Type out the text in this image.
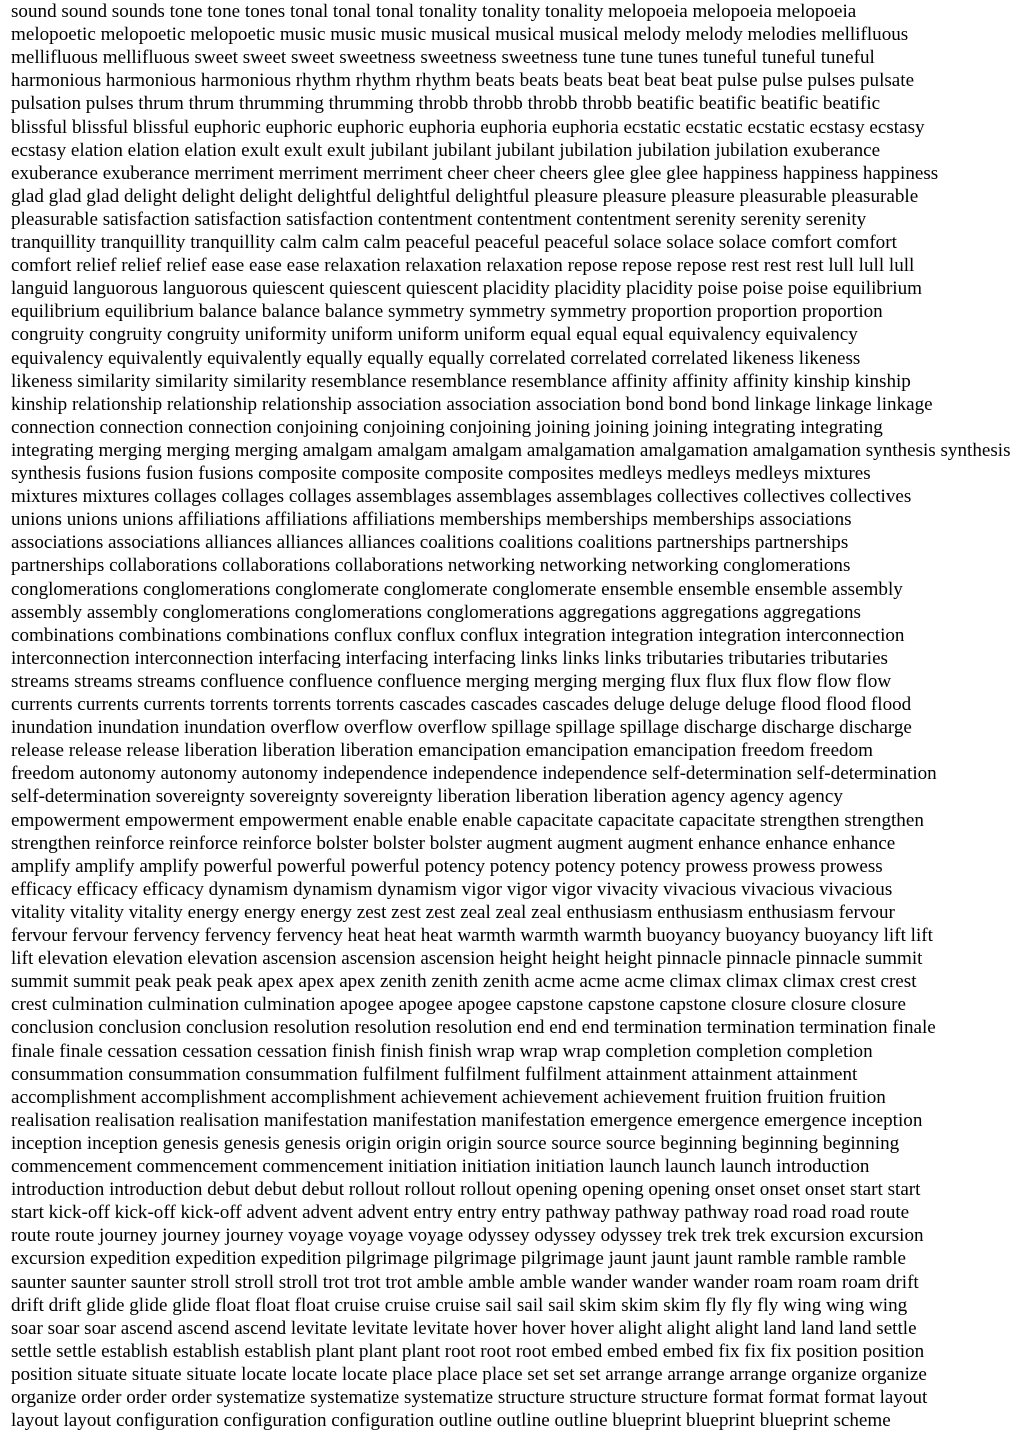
sound sound sounds tone tone tones tonal tonal tonal tonality tonality tonality melopoeia melopoeia melopoeia
melopoetic melopoetic melopoetic music music music musical musical musical melody melody melodies mellifluous
mellifluous mellifluous sweet sweet sweet sweetness sweetness sweetness tune tune tunes tuneful tuneful tuneful
harmonious harmonious harmonious rhythm rhythm rhythm beats beats beats beat beat beat pulse pulse pulses pulsate
pulsation pulses thrum thrum thrumming thrumming throbb throbb throbb throbb beatific beatific beatific beatific
blissful blissful blissful euphoric euphoric euphoric euphoria euphoria euphoria ecstatic ecstatic ecstatic ecstasy ecstasy
ecstasy elation elation elation exult exult exult jubilant jubilant jubilant jubilation jubilation jubilation exuberance
exuberance exuberance merriment merriment merriment cheer cheer cheers glee glee glee happiness happiness happiness
glad glad glad delight delight delight delightful delightful delightful pleasure pleasure pleasure pleasurable pleasurable
pleasurable satisfaction satisfaction satisfaction contentment contentment contentment serenity serenity serenity
tranquillity tranquillity tranquillity calm calm calm peaceful peaceful peaceful solace solace solace comfort comfort
comfort relief relief relief ease ease ease relaxation relaxation relaxation repose repose repose rest rest rest lull lull lull
languid languorous languorous quiescent quiescent quiescent placidity placidity placidity poise poise poise equilibrium
equilibrium equilibrium balance balance balance symmetry symmetry symmetry proportion proportion proportion
congruity congruity congruity uniformity uniform uniform uniform equal equal equal equivalency equivalency
equivalency equivalently equivalently equally equally equally correlated correlated correlated likeness likeness
likeness similarity similarity similarity resemblance resemblance resemblance affinity affinity affinity kinship kinship
kinship relationship relationship relationship association association association bond bond bond linkage linkage linkage
connection connection connection conjoining conjoining conjoining joining joining joining integrating integrating
integrating merging merging merging amalgam amalgam amalgam amalgamation amalgamation amalgamation synthesis synthesis
synthesis fusions fusion fusions composite composite composite composites medleys medleys medleys mixtures
mixtures mixtures collages collages collages assemblages assemblages assemblages collectives collectives collectives
unions unions unions affiliations affiliations affiliations memberships memberships memberships associations
associations associations alliances alliances alliances coalitions coalitions coalitions partnerships partnerships
partnerships collaborations collaborations collaborations networking networking networking conglomerations
conglomerations conglomerations conglomerate conglomerate conglomerate ensemble ensemble ensemble assembly
assembly assembly conglomerations conglomerations conglomerations aggregations aggregations aggregations
combinations combinations combinations conflux conflux conflux integration integration integration interconnection
interconnection interconnection interfacing interfacing interfacing links links links tributaries tributaries tributaries
streams streams streams confluence confluence confluence merging merging merging flux flux flux flow flow flow
currents currents currents torrents torrents torrents cascades cascades cascades deluge deluge deluge flood flood flood
inundation inundation inundation overflow overflow overflow spillage spillage spillage discharge discharge discharge
release release release liberation liberation liberation emancipation emancipation emancipation freedom freedom
freedom autonomy autonomy autonomy independence independence independence self-determination self-determination
self-determination sovereignty sovereignty sovereignty liberation liberation liberation agency agency agency
empowerment empowerment empowerment enable enable enable capacitate capacitate capacitate strengthen strengthen
strengthen reinforce reinforce reinforce bolster bolster bolster augment augment augment enhance enhance enhance
amplify amplify amplify powerful powerful powerful potency potency potency potency prowess prowess prowess
efficacy efficacy efficacy dynamism dynamism dynamism vigor vigor vigor vivacity vivacious vivacious vivacious
vitality vitality vitality energy energy energy zest zest zest zeal zeal zeal enthusiasm enthusiasm enthusiasm fervour
fervour fervour fervency fervency fervency heat heat heat warmth warmth warmth buoyancy buoyancy buoyancy lift lift
lift elevation elevation elevation ascension ascension ascension height height height pinnacle pinnacle pinnacle summit
summit summit peak peak peak apex apex apex zenith zenith zenith acme acme acme climax climax climax crest crest
crest culmination culmination culmination apogee apogee apogee capstone capstone capstone closure closure closure
conclusion conclusion conclusion resolution resolution resolution end end end termination termination termination finale
finale finale cessation cessation cessation finish finish finish wrap wrap wrap completion completion completion
consummation consummation consummation fulfilment fulfilment fulfilment attainment attainment attainment
accomplishment accomplishment accomplishment achievement achievement achievement fruition fruition fruition
realisation realisation realisation manifestation manifestation manifestation emergence emergence emergence inception
inception inception genesis genesis genesis origin origin origin source source source beginning beginning beginning
commencement commencement commencement initiation initiation initiation launch launch launch introduction
introduction introduction debut debut debut rollout rollout rollout opening opening opening onset onset onset start start
start kick-off kick-off kick-off advent advent advent entry entry entry pathway pathway pathway road road road route
route route journey journey journey voyage voyage voyage odyssey odyssey odyssey trek trek trek excursion excursion
excursion expedition expedition expedition pilgrimage pilgrimage pilgrimage jaunt jaunt jaunt ramble ramble ramble
saunter saunter saunter stroll stroll stroll trot trot trot amble amble amble wander wander wander roam roam roam drift
drift drift glide glide glide float float float cruise cruise cruise sail sail sail skim skim skim fly fly fly wing wing wing
soar soar soar ascend ascend ascend levitate levitate levitate hover hover hover alight alight alight land land land settle
settle settle establish establish establish plant plant plant root root root embed embed embed fix fix fix position position
position situate situate situate locate locate locate place place place set set set arrange arrange arrange organize organize
organize order order order systematize systematize systematize structure structure structure format format format layout
layout layout configuration configuration configuration outline outline outline blueprint blueprint blueprint scheme
